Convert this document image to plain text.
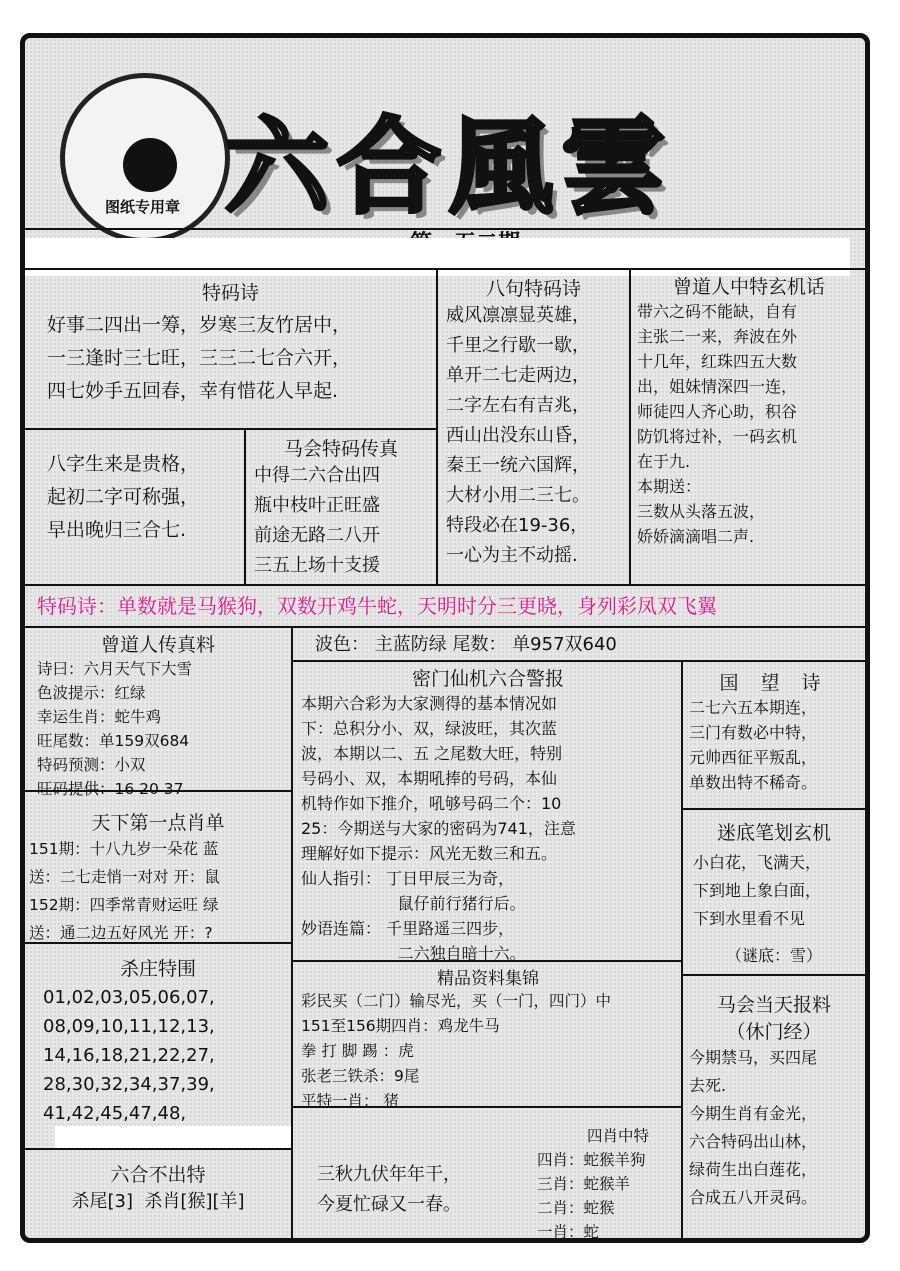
图纸专用章 六合風雲
特码诗
好事二四出一筹，岁寒三友竹居中，
一三逢时三七旺，三三二七合六开，
四七妙手五回春，幸有惜花人早起.
八字生来是贵格，
起初二字可称强，
早出晚归三合七.
马会特码传真
中得二六合出四
瓶中枝叶正旺盛
前途无路二八开
三五上场十支援
八句特码诗
威风凛凛显英雄，
千里之行歇一歇，
单开二七走两边，
二字左右有吉兆，
西山出没东山昏，
秦王一统六国辉，
大材小用二三七。
特段必在19-36，
一心为主不动摇.
曾道人中特玄机话
带六之码不能缺，自有
主张二一来，奔波在外
十几年，红珠四五大数
出，姐妹情深四一连，
师徒四人齐心助，积谷
防饥将过补，一码玄机
在于九.
本期送：
三数从头落五波，
娇娇滴滴唱二声.
特码诗：单数就是马猴狗，双数开鸡牛蛇，天明时分三更晓，身列彩凤双飞翼
曾道人传真料
诗曰：六月天气下大雪
色波提示：红绿
幸运生肖：蛇牛鸡
旺尾数：单159双684
特码预测：小双
旺码提供：16 20 37
波色： 主蓝防绿 尾数： 单957双640
密门仙机六合警报
本期六合彩为大家测得的基本情况如
下：总积分小、双，绿波旺，其次蓝
波，本期以二、五 之尾数大旺，特别
号码小、双，本期吼捧的号码，本仙
机特作如下推介，吼够号码二个：10
25：今期送与大家的密码为741，注意
理解好如下提示：风光无数三和五。
仙人指引： 丁日甲辰三为奇，
鼠仔前行猪行后。
妙语连篇： 千里路遥三四步，
二六独自暗十六。
国 望 诗
二七六五本期连，
三门有数必中特，
元帅西征平叛乱，
单数出特不稀奇。
天下第一点肖单
151期：十八九岁一朵花 蓝
送：二七走悄一对对 开：鼠
152期：四季常青财运旺 绿
送：通二边五好风光 开：?
迷底笔划玄机
小白花，飞满天，
下到地上象白面，
下到水里看不见
（谜底：雪）
杀庄特围
01,02,03,05,06,07,
08,09,10,11,12,13,
14,16,18,21,22,27,
28,30,32,34,37,39,
41,42,45,47,48,
精品资料集锦
彩民买（二门）输尽光，买（一门，四门）中
151至156期四肖：鸡龙牛马
拳 打 脚 踢 ：虎
张老三铁杀：9尾
平特一肖： 猪
马会当天报料
（休门经）
今期禁马，买四尾
去死.
今期生肖有金光，
六合特码出山林，
绿荷生出白莲花，
合成五八开灵码。
六合不出特
杀尾[3]  杀肖[猴][羊]
三秋九伏年年干，
今夏忙碌又一春。
四肖中特
四肖：蛇猴羊狗
三肖：蛇猴羊
二肖：蛇猴
一肖：蛇
